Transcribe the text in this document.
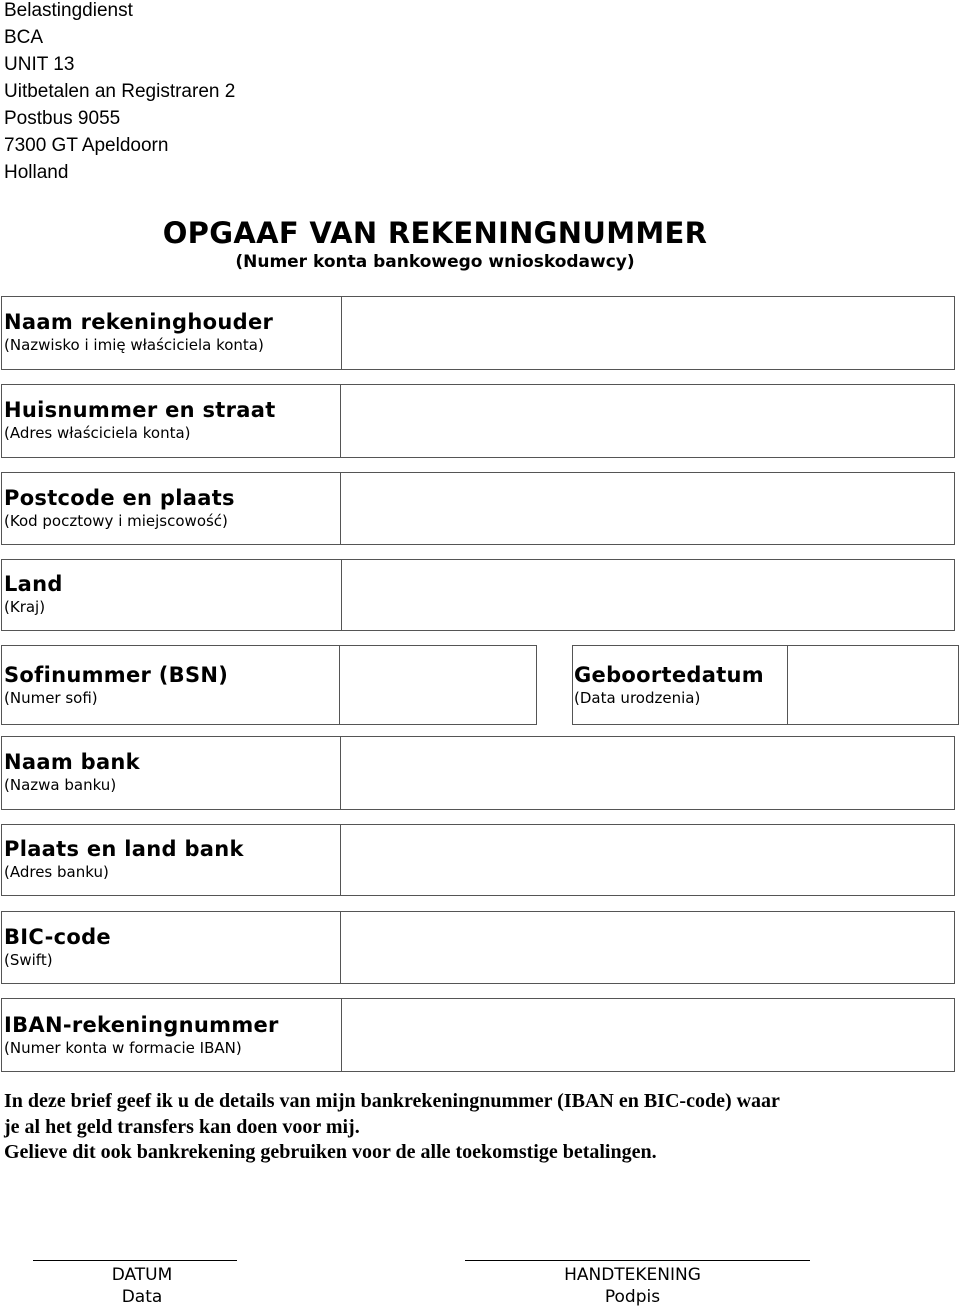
Belastingdienst
BCA
UNIT 13
Uitbetalen an Registraren 2
Postbus 9055
7300 GT Apeldoorn
Holland
OPGAAF VAN REKENINGNUMMER
(Numer konta bankowego wnioskodawcy)
Naam rekeninghouder
(Nazwisko i imię właściciela konta)
Huisnummer en straat
(Adres właściciela konta)
Postcode en plaats
(Kod pocztowy i miejscowość)
Land
(Kraj)
Sofinummer (BSN)
(Numer sofi)
Geboortedatum
(Data urodzenia)
Naam bank
(Nazwa banku)
Plaats en land bank
(Adres banku)
BIC-code
(Swift)
IBAN-rekeningnummer
(Numer konta w formacie IBAN)
In deze brief geef ik u de details van mijn bankrekeningnummer (IBAN en BIC-code) waar
je al het geld transfers kan doen voor mij.
Gelieve dit ook bankrekening gebruiken voor de alle toekomstige betalingen.
DATUM
Data
HANDTEKENING
Podpis
